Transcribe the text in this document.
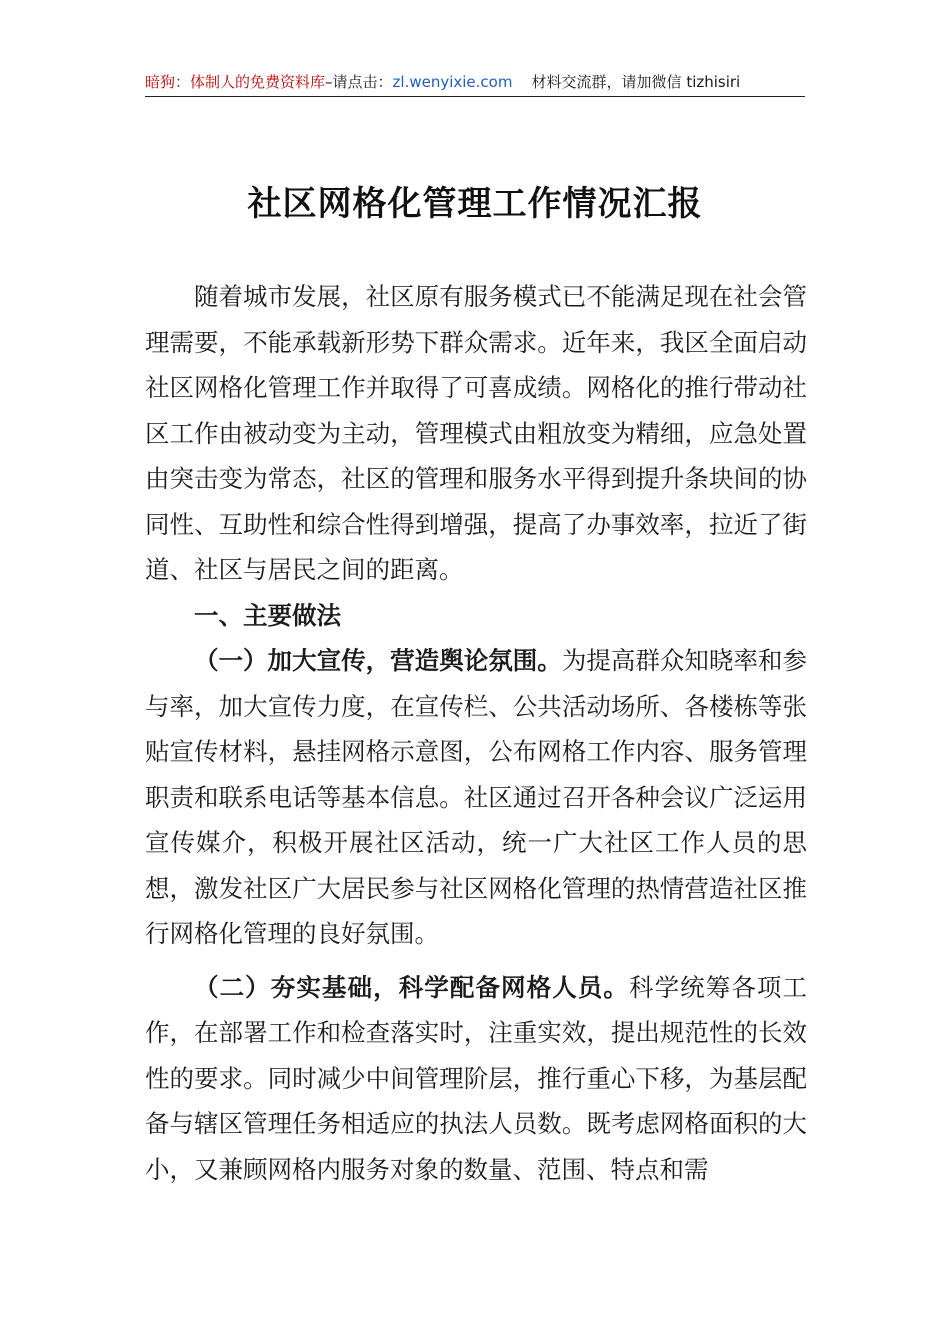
暗狗：体制人的免费资料库–请点击：zl.wenyixie.com 材料交流群，请加微信 tizhisiri
社区网格化管理工作情况汇报

随着城市发展，社区原有服务模式已不能满足现在社会管理需要，不能承载新形势下群众需求。近年来，我区全面启动社区网格化管理工作并取得了可喜成绩。网格化的推行带动社区工作由被动变为主动，管理模式由粗放变为精细，应急处置由突击变为常态，社区的管理和服务水平得到提升条块间的协同性、互助性和综合性得到增强，提高了办事效率，拉近了街道、社区与居民之间的距离。

一、主要做法

（一）加大宣传，营造舆论氛围。为提高群众知晓率和参与率，加大宣传力度，在宣传栏、公共活动场所、各楼栋等张贴宣传材料，悬挂网格示意图，公布网格工作内容、服务管理职责和联系电话等基本信息。社区通过召开各种会议广泛运用宣传媒介，积极开展社区活动，统一广大社区工作人员的思想，激发社区广大居民参与社区网格化管理的热情营造社区推行网格化管理的良好氛围。

（二）夯实基础，科学配备网格人员。科学统筹各项工作，在部署工作和检查落实时，注重实效，提出规范性的长效性的要求。同时减少中间管理阶层，推行重心下移，为基层配备与辖区管理任务相适应的执法人员数。既考虑网格面积的大小，又兼顾网格内服务对象的数量、范围、特点和需
